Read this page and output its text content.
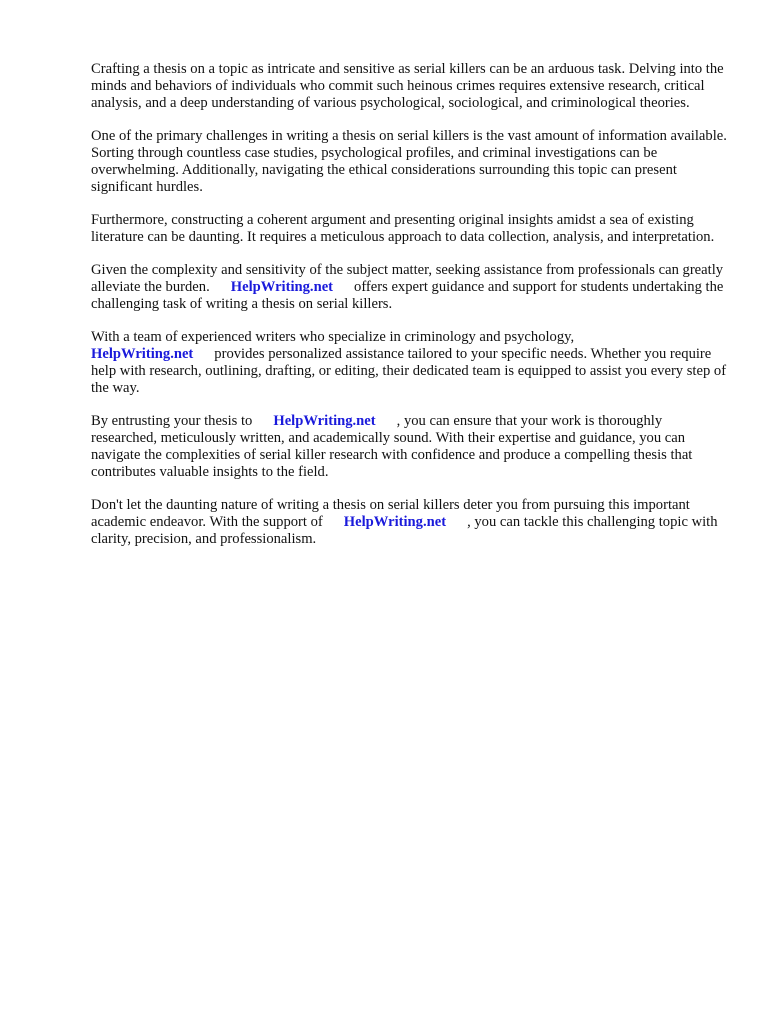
Crafting a thesis on a topic as intricate and sensitive as serial killers can be an arduous task. Delving into the minds and behaviors of individuals who commit such heinous crimes requires extensive research, critical analysis, and a deep understanding of various psychological, sociological, and criminological theories.

One of the primary challenges in writing a thesis on serial killers is the vast amount of information available. Sorting through countless case studies, psychological profiles, and criminal investigations can be overwhelming. Additionally, navigating the ethical considerations surrounding this topic can present significant hurdles.

Furthermore, constructing a coherent argument and presenting original insights amidst a sea of existing literature can be daunting. It requires a meticulous approach to data collection, analysis, and interpretation.

Given the complexity and sensitivity of the subject matter, seeking assistance from professionals can greatly alleviate the burden. HelpWriting.net offers expert guidance and support for students undertaking the challenging task of writing a thesis on serial killers.

With a team of experienced writers who specialize in criminology and psychology, HelpWriting.net provides personalized assistance tailored to your specific needs. Whether you require help with research, outlining, drafting, or editing, their dedicated team is equipped to assist you every step of the way.

By entrusting your thesis to HelpWriting.net , you can ensure that your work is thoroughly researched, meticulously written, and academically sound. With their expertise and guidance, you can navigate the complexities of serial killer research with confidence and produce a compelling thesis that contributes valuable insights to the field.

Don't let the daunting nature of writing a thesis on serial killers deter you from pursuing this important academic endeavor. With the support of HelpWriting.net , you can tackle this challenging topic with clarity, precision, and professionalism.
